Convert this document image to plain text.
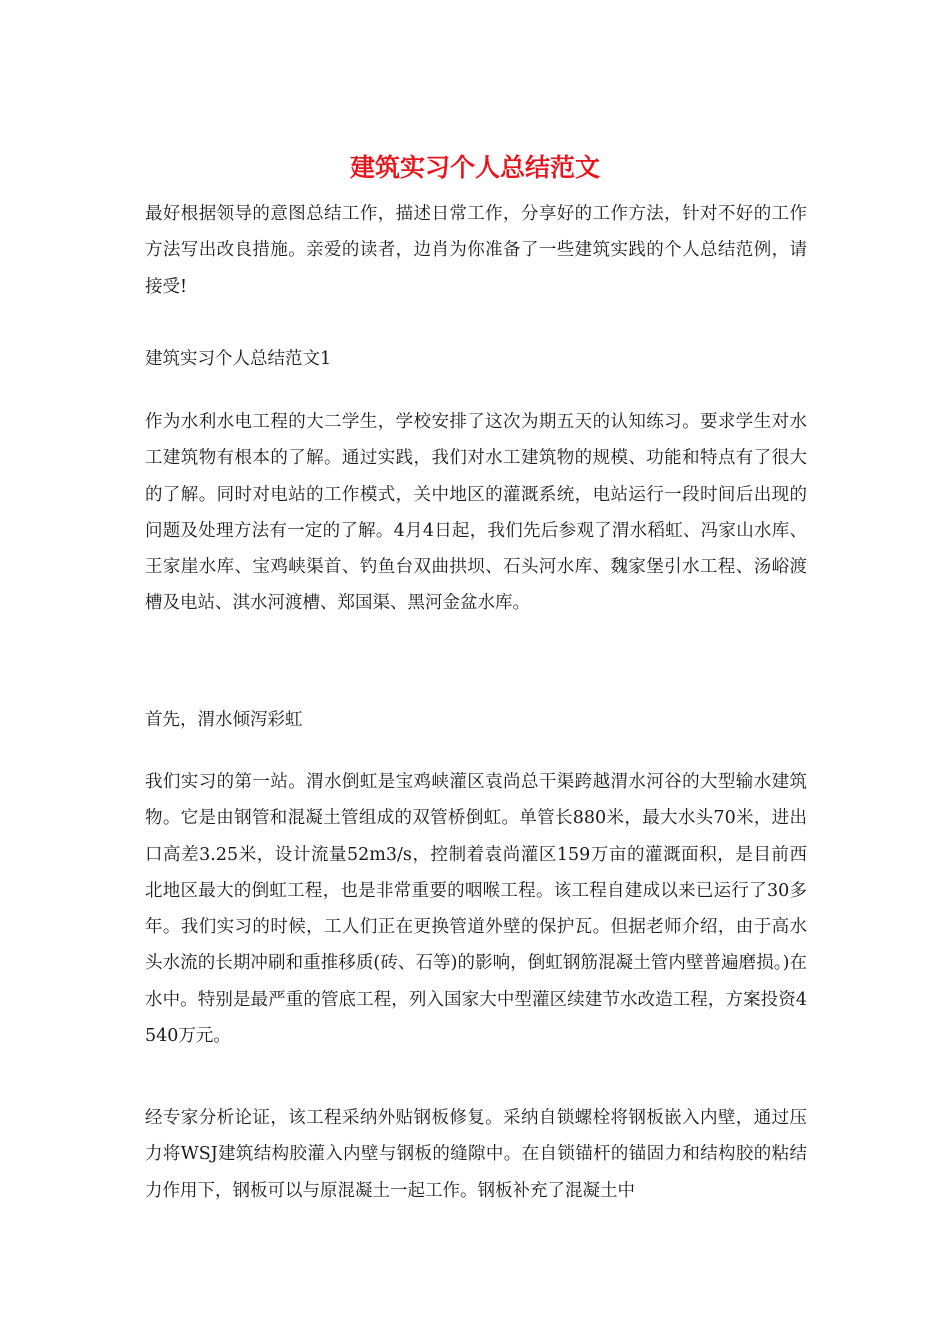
建筑实习个人总结范文

最好根据领导的意图总结工作，描述日常工作，分享好的工作方法，针对不好的工作方法写出改良措施。亲爱的读者，边肖为你准备了一些建筑实践的个人总结范例，请接受!

建筑实习个人总结范文1

作为水利水电工程的大二学生，学校安排了这次为期五天的认知练习。要求学生对水工建筑物有根本的了解。通过实践，我们对水工建筑物的规模、功能和特点有了很大的了解。同时对电站的工作模式，关中地区的灌溉系统，电站运行一段时间后出现的问题及处理方法有一定的了解。4月4日起，我们先后参观了渭水稻虹、冯家山水库、王家崖水库、宝鸡峡渠首、钓鱼台双曲拱坝、石头河水库、魏家堡引水工程、汤峪渡槽及电站、淇水河渡槽、郑国渠、黑河金盆水库。

首先，渭水倾泻彩虹

我们实习的第一站。渭水倒虹是宝鸡峡灌区袁尚总干渠跨越渭水河谷的大型输水建筑物。它是由钢管和混凝土管组成的双管桥倒虹。单管长880米，最大水头70米，进出口高差3.25米，设计流量52m3/s，控制着袁尚灌区159万亩的灌溉面积，是目前西北地区最大的倒虹工程，也是非常重要的咽喉工程。该工程自建成以来已运行了30多年。我们实习的时候，工人们正在更换管道外壁的保护瓦。但据老师介绍，由于高水头水流的长期冲刷和重推移质(砖、石等)的影响，倒虹钢筋混凝土管内壁普遍磨损。)在水中。特别是最严重的管底工程，列入国家大中型灌区续建节水改造工程，方案投资4540万元。

经专家分析论证，该工程采纳外贴钢板修复。采纳自锁螺栓将钢板嵌入内壁，通过压力将WSJ建筑结构胶灌入内壁与钢板的缝隙中。在自锁锚杆的锚固力和结构胶的粘结力作用下，钢板可以与原混凝土一起工作。钢板补充了混凝土中
